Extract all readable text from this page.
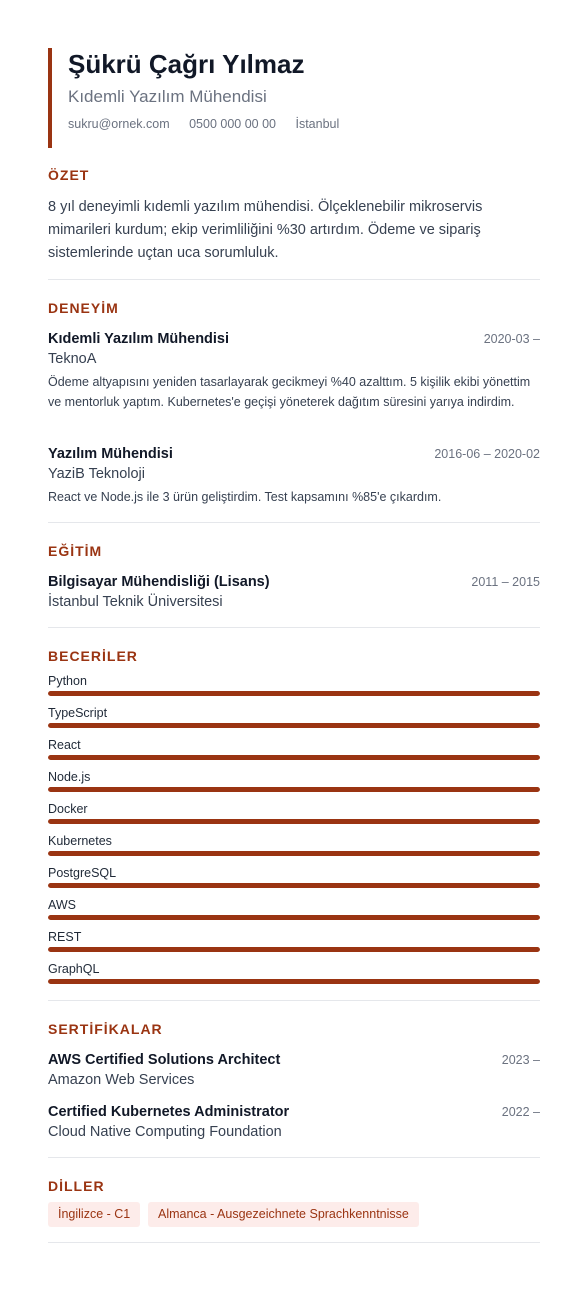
Şükrü Çağrı Yılmaz
Kıdemli Yazılım Mühendisi
sukru@ornek.com 0500 000 00 00 İstanbul
ÖZET
8 yıl deneyimli kıdemli yazılım mühendisi. Ölçeklenebilir mikroservis mimarileri kurdum; ekip verimliliğini %30 artırdım. Ödeme ve sipariş sistemlerinde uçtan uca sorumluluk.
DENEYİM
Kıdemli Yazılım Mühendisi	2020-03 –
TeknoA
Ödeme altyapısını yeniden tasarlayarak gecikmeyi %40 azalttım. 5 kişilik ekibi yönettim ve mentorluk yaptım. Kubernetes'e geçişi yöneterek dağıtım süresini yarıya indirdim.
Yazılım Mühendisi	2016-06 – 2020-02
YaziB Teknoloji
React ve Node.js ile 3 ürün geliştirdim. Test kapsamını %85'e çıkardım.
EĞİTİM
Bilgisayar Mühendisliği (Lisans)	2011 – 2015
İstanbul Teknik Üniversitesi
BECERİLER
Python
TypeScript
React
Node.js
Docker
Kubernetes
PostgreSQL
AWS
REST
GraphQL
SERTİFİKALAR
AWS Certified Solutions Architect	2023 –
Amazon Web Services
Certified Kubernetes Administrator	2022 –
Cloud Native Computing Foundation
DİLLER
İngilizce - C1	Almanca - Ausgezeichnete Sprachkenntnisse
